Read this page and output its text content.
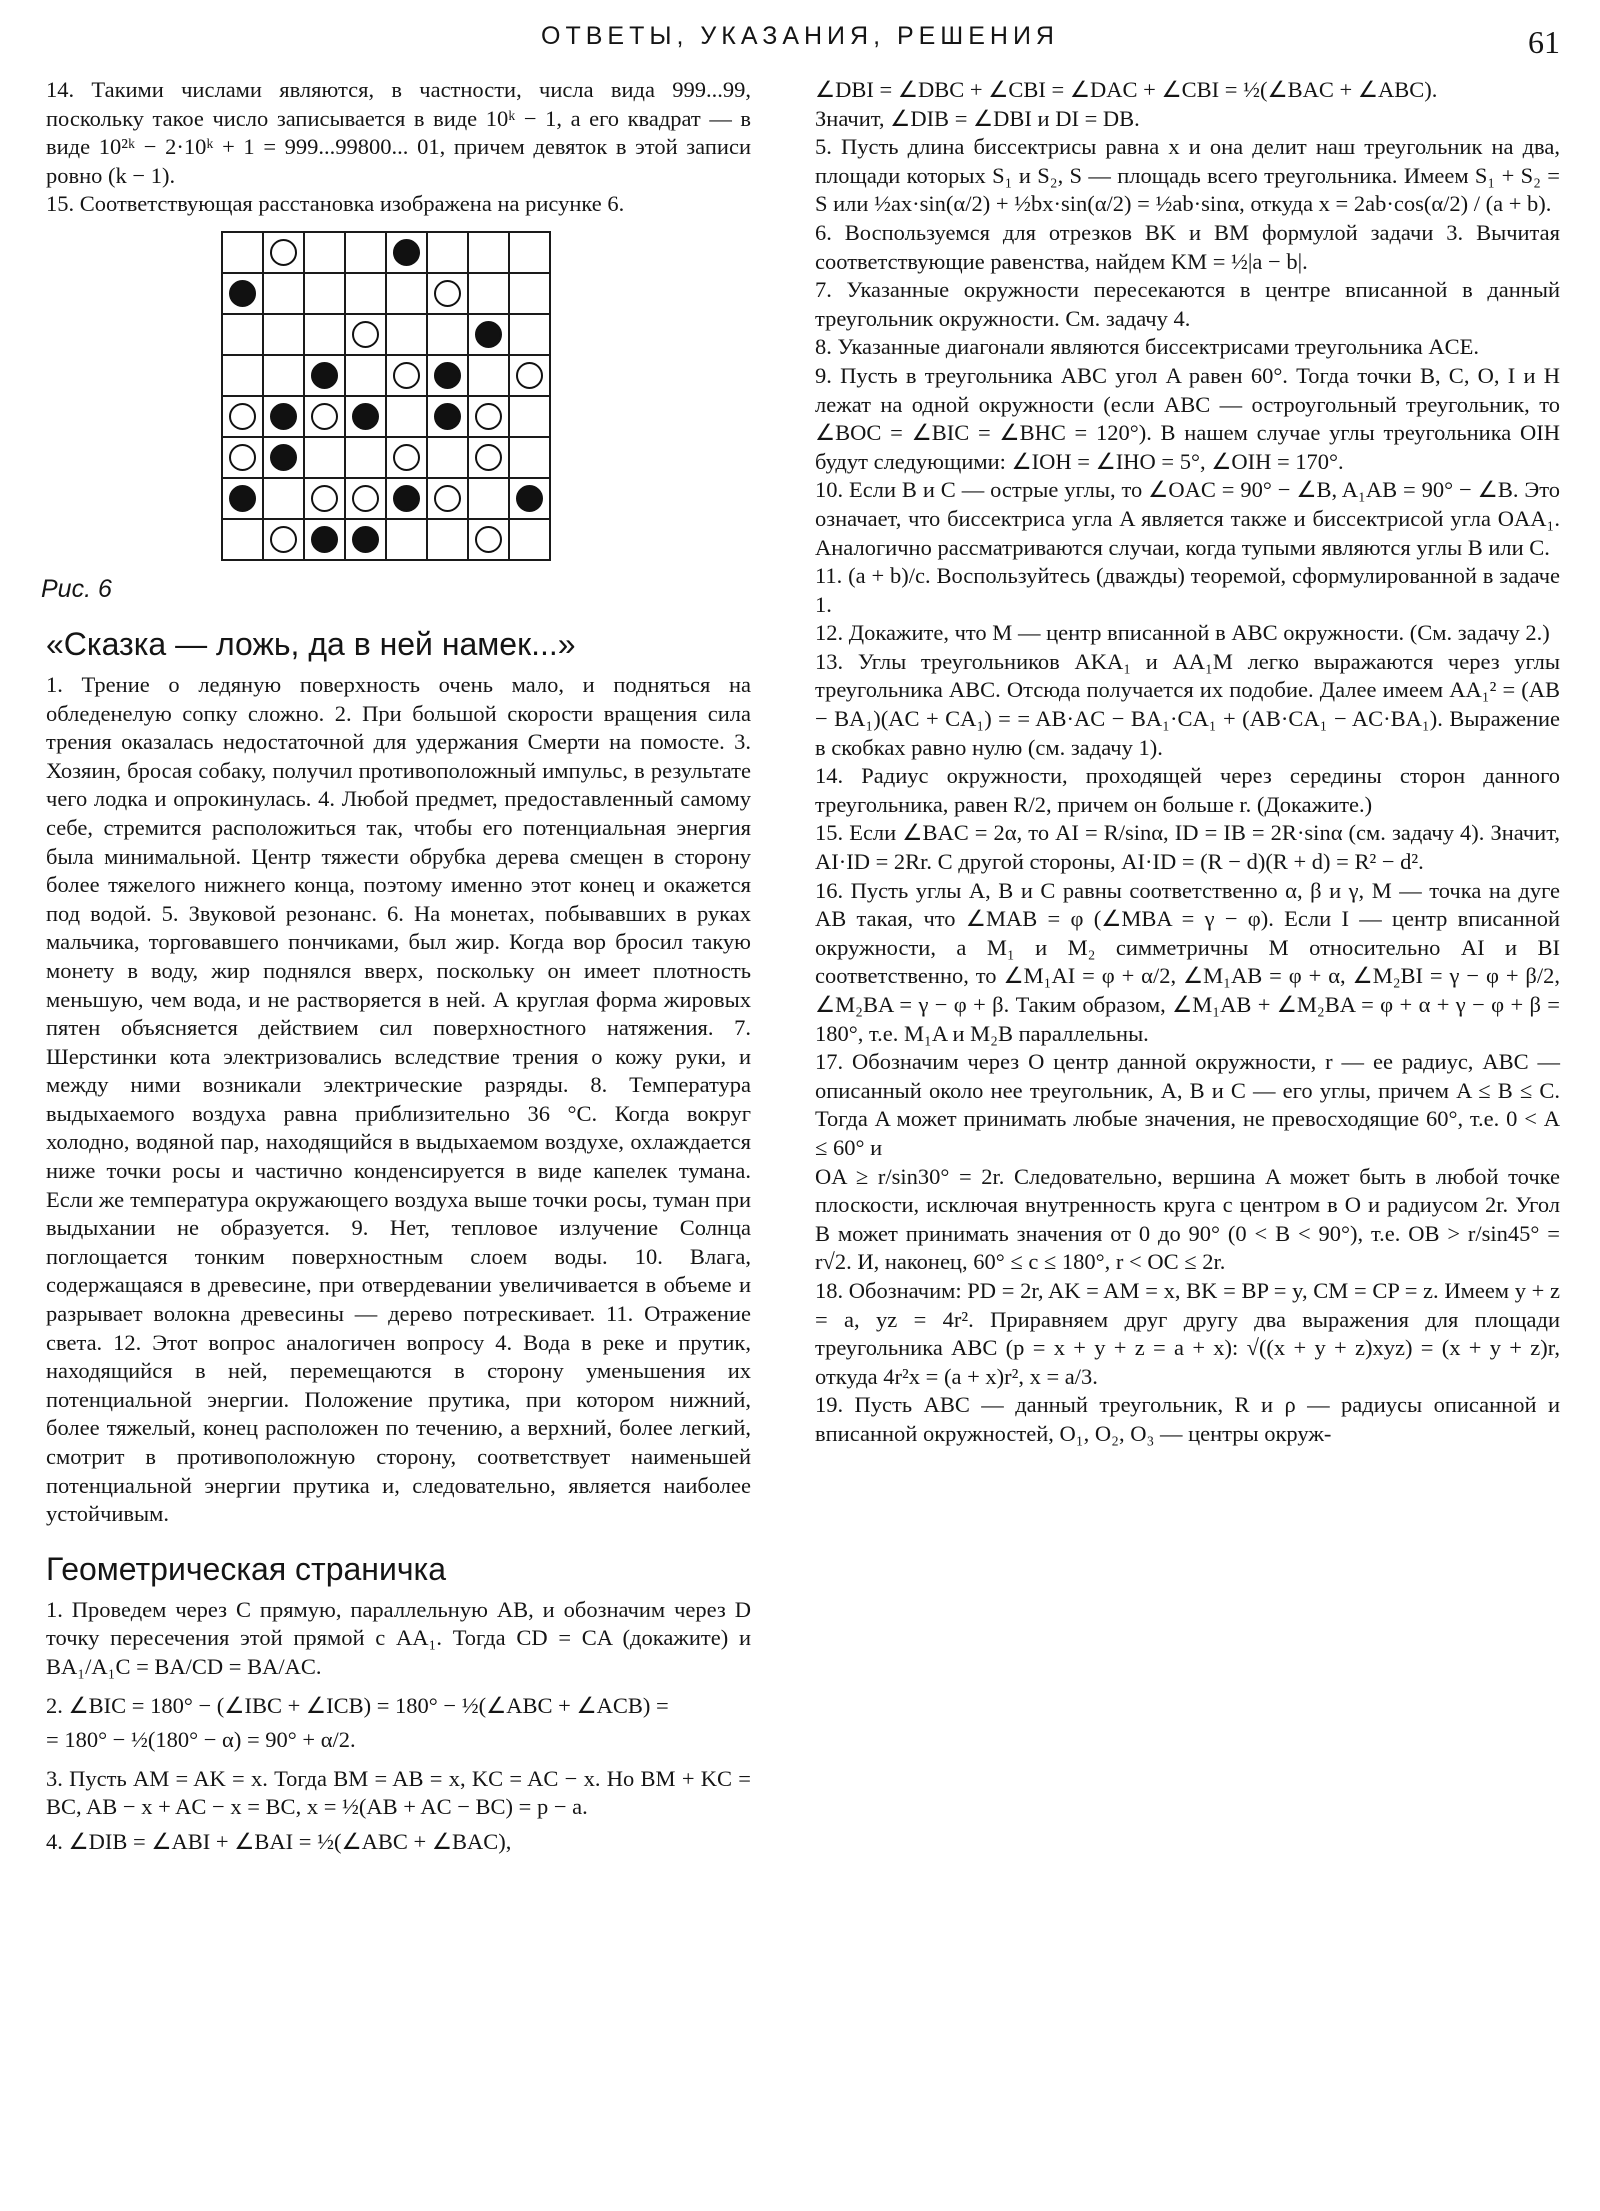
ОТВЕТЫ, УКАЗАНИЯ, РЕШЕНИЯ	61

14. Такими числами являются, в частности, числа вида 999...99, поскольку такое число записывается в виде 10ᵏ − 1, а его квадрат — в виде 10²ᵏ − 2·10ᵏ + 1 = 999...99800... 01, причем девяток в этой записи ровно (k − 1).

15. Соответствующая расстановка изображена на рисунке 6.

Рис. 6
«Сказка — ложь, да в ней намек...»

1. Трение о ледяную поверхность очень мало, и подняться на обледенелую сопку сложно. 2. При большой скорости вращения сила трения оказалась недостаточной для удержания Смерти на помосте. 3. Хозяин, бросая собаку, получил противоположный импульс, в результате чего лодка и опрокинулась. 4. Любой предмет, предоставленный самому себе, стремится расположиться так, чтобы его потенциальная энергия была минимальной. Центр тяжести обрубка дерева смещен в сторону более тяжелого нижнего конца, поэтому именно этот конец и окажется под водой. 5. Звуковой резонанс. 6. На монетах, побывавших в руках мальчика, торговавшего пончиками, был жир. Когда вор бросил такую монету в воду, жир поднялся вверх, поскольку он имеет плотность меньшую, чем вода, и не растворяется в ней. А круглая форма жировых пятен объясняется действием сил поверхностного натяжения. 7. Шерстинки кота электризовались вследствие трения о кожу руки, и между ними возникали электрические разряды. 8. Температура выдыхаемого воздуха равна приблизительно 36 °C. Когда вокруг холодно, водяной пар, находящийся в выдыхаемом воздухе, охлаждается ниже точки росы и частично конденсируется в виде капелек тумана. Если же температура окружающего воздуха выше точки росы, туман при выдыхании не образуется. 9. Нет, тепловое излучение Солнца поглощается тонким поверхностным слоем воды. 10. Влага, содержащаяся в древесине, при отвердевании увеличивается в объеме и разрывает волокна древесины — дерево потрескивает. 11. Отражение света. 12. Этот вопрос аналогичен вопросу 4. Вода в реке и прутик, находящийся в ней, перемещаются в сторону уменьшения их потенциальной энергии. Положение прутика, при котором нижний, более тяжелый, конец расположен по течению, а верхний, более легкий, смотрит в противоположную сторону, соответствует наименьшей потенциальной энергии прутика и, следовательно, является наиболее устойчивым.

Геометрическая страничка

1. Проведем через C прямую, параллельную AB, и обозначим через D точку пересечения этой прямой с AA₁. Тогда CD = CA (докажите) и BA₁/A₁C = BA/CD = BA/AC.

2. ∠BIC = 180° − (∠IBC + ∠ICB) = 180° − ½(∠ABC + ∠ACB) =

= 180° − ½(180° − α) = 90° + α/2.

3. Пусть AM = AK = x. Тогда BM = AB = x, KC = AC − x. Но BM + KC = BC, AB − x + AC − x = BC, x = ½(AB + AC − BC) = p − a.

4. ∠DIB = ∠ABI + ∠BAI = ½(∠ABC + ∠BAC),

∠DBI = ∠DBC + ∠CBI = ∠DAC + ∠CBI = ½(∠BAC + ∠ABC).

Значит, ∠DIB = ∠DBI и DI = DB.

5. Пусть длина биссектрисы равна x и она делит наш треугольник на два, площади которых S₁ и S₂, S — площадь всего треугольника. Имеем S₁ + S₂ = S или ½ax·sin(α/2) + ½bx·sin(α/2) = ½ab·sinα, откуда x = 2ab·cos(α/2) / (a + b).

6. Воспользуемся для отрезков BK и BM формулой задачи 3. Вычитая соответствующие равенства, найдем KM = ½|a − b|.

7. Указанные окружности пересекаются в центре вписанной в данный треугольник окружности. См. задачу 4.

8. Указанные диагонали являются биссектрисами треугольника ACE.

9. Пусть в треугольника ABC угол A равен 60°. Тогда точки B, C, O, I и H лежат на одной окружности (если ABC — остроугольный треугольник, то ∠BOC = ∠BIC = ∠BHC = 120°). В нашем случае углы треугольника OIH будут следующими: ∠IOH = ∠IHO = 5°, ∠OIH = 170°.

10. Если B и C — острые углы, то ∠OAC = 90° − ∠B, A₁AB = 90° − ∠B. Это означает, что биссектриса угла A является также и биссектрисой угла OAA₁. Аналогично рассматриваются случаи, когда тупыми являются углы B или C.

11. (a + b)/c. Воспользуйтесь (дважды) теоремой, сформулированной в задаче 1.

12. Докажите, что M — центр вписанной в ABC окружности. (См. задачу 2.)

13. Углы треугольников AKA₁ и AA₁M легко выражаются через углы треугольника ABC. Отсюда получается их подобие. Далее имеем AA₁² = (AB − BA₁)(AC + CA₁) = = AB·AC − BA₁·CA₁ + (AB·CA₁ − AC·BA₁). Выражение в скобках равно нулю (см. задачу 1).

14. Радиус окружности, проходящей через середины сторон данного треугольника, равен R/2, причем он больше r. (Докажите.)

15. Если ∠BAC = 2α, то AI = R/sinα, ID = IB = 2R·sinα (см. задачу 4). Значит, AI·ID = 2Rr. С другой стороны, AI·ID = (R − d)(R + d) = R² − d².

16. Пусть углы A, B и C равны соответственно α, β и γ, M — точка на дуге AB такая, что ∠MAB = φ (∠MBA = γ − φ). Если I — центр вписанной окружности, а M₁ и M₂ симметричны M относительно AI и BI соответственно, то ∠M₁AI = φ + α/2, ∠M₁AB = φ + α, ∠M₂BI = γ − φ + β/2, ∠M₂BA = γ − φ + β. Таким образом, ∠M₁AB + ∠M₂BA = φ + α + γ − φ + β = 180°, т.е. M₁A и M₂B параллельны.

17. Обозначим через O центр данной окружности, r — ее радиус, ABC — описанный около нее треугольник, A, B и C — его углы, причем A ≤ B ≤ C. Тогда A может принимать любые значения, не превосходящие 60°, т.е. 0 < A ≤ 60° и

OA ≥ r/sin30° = 2r. Следовательно, вершина A может быть в любой точке плоскости, исключая внутренность круга с центром в O и радиусом 2r. Угол B может принимать значения от 0 до 90° (0 < B < 90°), т.е. OB > r/sin45° = r√2. И, наконец, 60° ≤ c ≤ 180°, r < OC ≤ 2r.

18. Обозначим: PD = 2r, AK = AM = x, BK = BP = y, CM = CP = z. Имеем y + z = a, yz = 4r². Приравняем друг другу два выражения для площади треугольника ABC (p = x + y + z = a + x): √((x + y + z)xyz) = (x + y + z)r, откуда 4r²x = (a + x)r², x = a/3.

19. Пусть ABC — данный треугольник, R и ρ — радиусы описанной и вписанной окружностей, O₁, O₂, O₃ — центры окруж-
